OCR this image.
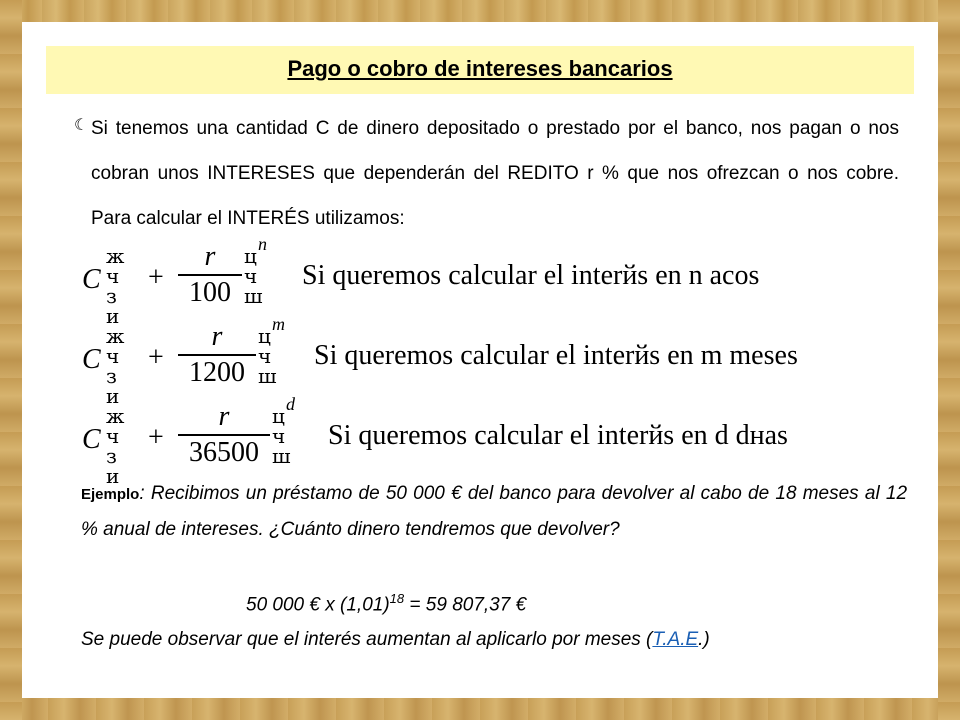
Pago o cobro de intereses bancarios
☾ Si tenemos una cantidad C de dinero depositado o prestado por el banco, nos pagan o nos cobran unos INTERESES que dependerán del REDITO r % que nos ofrezcan o nos cobre. Para calcular el INTERÉS utilizamos:
C
ж
ч
з
и
+
r
100
ц
ч
ш
n
Si queremos calcular el interйs en n aсos
C
ж
ч
з
и
+
r
1200
ц
ч
ш
m
Si queremos calcular el interйs en m meses
C
ж
ч
з
и
+
r
36500
ц
ч
ш
d
Si queremos calcular el interйs en d dнas
Ejemplo: Recibimos un préstamo de 50 000 € del banco para devolver al cabo de 18 meses al 12 % anual de intereses. ¿Cuánto dinero tendremos que devolver?
50 000 € x $(1,01)^{18} = 59$ 807,37 €
Se puede observar que el interés aumentan al aplicarlo por meses (T.A.E.)
